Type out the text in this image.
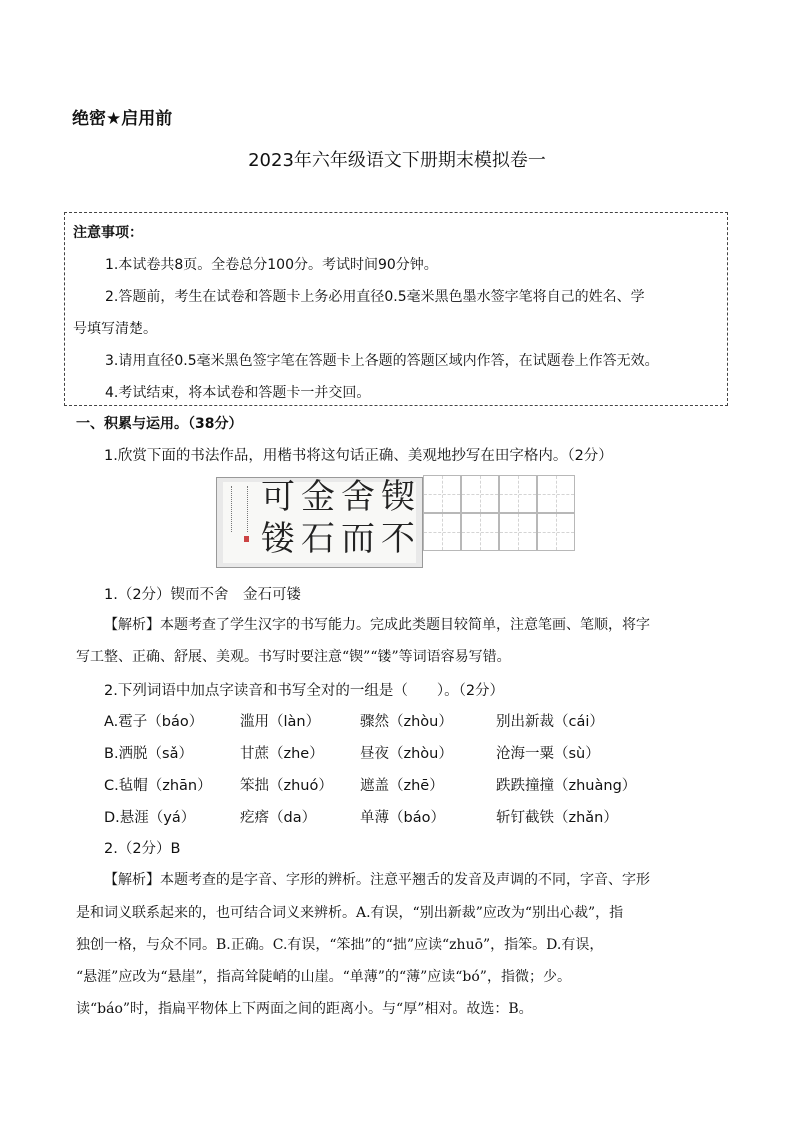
绝密★启用前
2023年六年级语文下册期末模拟卷一
注意事项：
1.本试卷共8页。全卷总分100分。考试时间90分钟。
2.答题前，考生在试卷和答题卡上务必用直径0.5毫米黑色墨水签字笔将自己的姓名、学
号填写清楚。
3.请用直径0.5毫米黑色签字笔在答题卡上各题的答题区域内作答，在试题卷上作答无效。
4.考试结束，将本试卷和答题卡一并交回。
一、积累与运用。（38分）
1.欣赏下面的书法作品，用楷书将这句话正确、美观地抄写在田字格内。（2分）
锲
不
舍
而
金
石
可
镂
1.（2分）锲而不舍　金石可镂
【解析】本题考查了学生汉字的书写能力。完成此类题目较简单，注意笔画、笔顺，将字
写工整、正确、舒展、美观。书写时要注意“锲”“镂”等词语容易写错。
2.下列词语中加点字读音和书写全对的一组是（　　）。（2分）
A.雹子（báo）	滥用（làn）	骤然（zhòu）	别出新裁（cái）
B.洒脱（sǎ）	甘蔗（zhe）	昼夜（zhòu）	沧海一粟（sù）
C.毡帽（zhān） 笨拙（zhuó） 遮盖（zhē）	跌跌撞撞（zhuàng）
D.悬涯（yá）	疙瘩（da）	单薄（báo）	斩钉截铁（zhǎn）
2.（2分）B
【解析】本题考查的是字音、字形的辨析。注意平翘舌的发音及声调的不同，字音、字形
是和词义联系起来的，也可结合词义来辨析。A.有误，“别出新裁”应改为“别出心裁”，指
独创一格，与众不同。B.正确。C.有误，“笨拙”的“拙”应读“zhuō”，指笨。D.有误，
“悬涯”应改为“悬崖”，指高耸陡峭的山崖。“单薄”的“薄”应读“bó”，指微；少。
读“báo”时，指扁平物体上下两面之间的距离小。与“厚”相对。故选：B。
